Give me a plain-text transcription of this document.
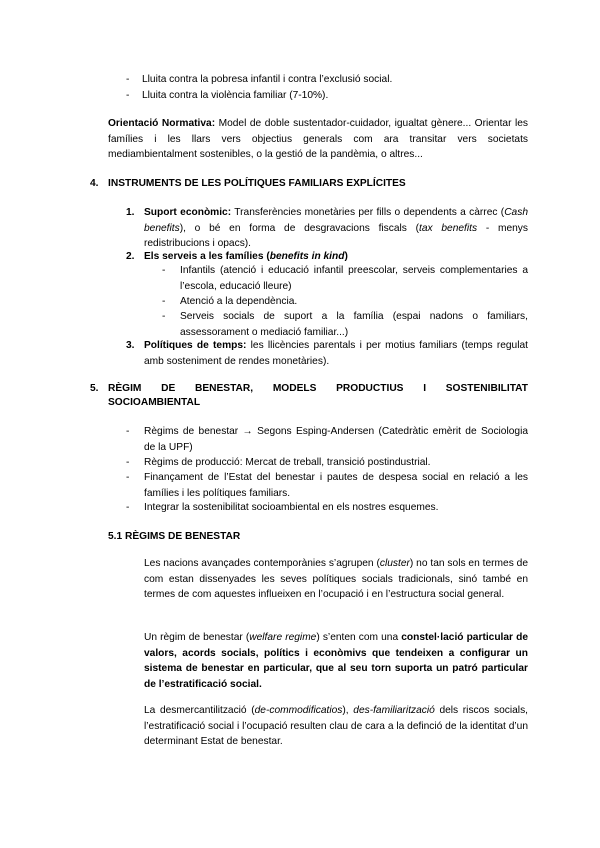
- Lluita contra la pobresa infantil i contra l’exclusió social.
- Lluita contra la violència familiar (7-10%).
Orientació Normativa: Model de doble sustentador-cuidador, igualtat gènere... Orientar les famílies i les llars vers objectius generals com ara transitar vers societats mediambientalment sostenibles, o la gestió de la pandèmia, o altres...
4. INSTRUMENTS DE LES POLÍTIQUES FAMILIARS EXPLÍCITES
1. Suport econòmic: Transferències monetàries per fills o dependents a càrrec (Cash benefits), o bé en forma de desgravacions fiscals (tax benefits - menys redistribucions i opacs).
2. Els serveis a les famílies (benefits in kind)
- Infantils (atenció i educació infantil preescolar, serveis complementaries a l’escola, educació lleure)
- Atenció a la dependència.
- Serveis socials de suport a la família (espai nadons o familiars, assessorament o mediació familiar...)
3. Polítiques de temps: les llicències parentals i per motius familiars (temps regulat amb sosteniment de rendes monetàries).
5. RÈGIM DE BENESTAR, MODELS PRODUCTIUS I SOSTENIBILITAT
SOCIOAMBIENTAL
- Règims de benestar → Segons Esping-Andersen (Catedràtic emèrit de Sociologia de la UPF)
- Règims de producció: Mercat de treball, transició postindustrial.
- Finançament de l’Estat del benestar i pautes de despesa social en relació a les famílies i les polítiques familiars.
- Integrar la sostenibilitat socioambiental en els nostres esquemes.
5.1 RÈGIMS DE BENESTAR
Les nacions avançades contemporànies s’agrupen (cluster) no tan sols en termes de com estan dissenyades les seves polítiques socials tradicionals, sinó també en termes de com aquestes influeixen en l’ocupació i en l’estructura social general.
Un règim de benestar (welfare regime) s’enten com una constel·lació particular de valors, acords socials, polítics i econòmivs que tendeixen a configurar un sistema de benestar en particular, que al seu torn suporta un patró particular de l’estratificació social.
La desmercantilització (de-commodificatios), des-familiarització dels riscos socials, l’estratificació social i l’ocupació resulten clau de cara a la definció de la identitat d’un determinant Estat de benestar.
